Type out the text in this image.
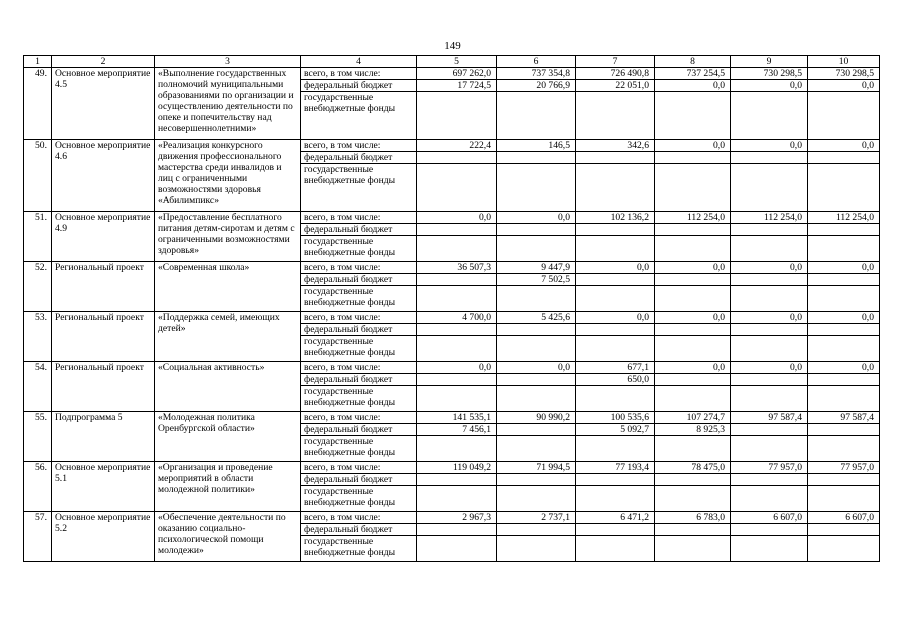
149
1	2	3	4	5	6	7	8	9	10
49.	Основное мероприятие 4.5	«Выполнение государственных полномочий муниципальными образованиями по организации и осуществлению деятельности по опеке и попечительству над несовершеннолетними»	всего, в том числе:	697 262,0	737 354,8	726 490,8	737 254,5	730 298,5	730 298,5
			федеральный бюджет	17 724,5	20 766,9	22 051,0	0,0	0,0	0,0
			государственные внебюджетные фонды						
50.	Основное мероприятие 4.6	«Реализация конкурсного движения профессионального мастерства среди инвалидов и лиц с ограниченными возможностями здоровья «Абилимпикс»	всего, в том числе:	222,4	146,5	342,6	0,0	0,0	0,0
			федеральный бюджет						
			государственные внебюджетные фонды						
51.	Основное мероприятие 4.9	«Предоставление бесплатного питания детям-сиротам и детям с ограниченными возможностями здоровья»	всего, в том числе:	0,0	0,0	102 136,2	112 254,0	112 254,0	112 254,0
			федеральный бюджет						
			государственные внебюджетные фонды						
52.	Региональный проект	«Современная школа»	всего, в том числе:	36 507,3	9 447,9	0,0	0,0	0,0	0,0
			федеральный бюджет		7 502,5				
			государственные внебюджетные фонды						
53.	Региональный проект	«Поддержка семей, имеющих детей»	всего, в том числе:	4 700,0	5 425,6	0,0	0,0	0,0	0,0
			федеральный бюджет						
			государственные внебюджетные фонды						
54.	Региональный проект	«Социальная активность»	всего, в том числе:	0,0	0,0	677,1	0,0	0,0	0,0
			федеральный бюджет			650,0			
			государственные внебюджетные фонды						
55.	Подпрограмма 5	«Молодежная политика Оренбургской области»	всего, в том числе:	141 535,1	90 990,2	100 535,6	107 274,7	97 587,4	97 587,4
			федеральный бюджет	7 456,1		5 092,7	8 925,3		
			государственные внебюджетные фонды						
56.	Основное мероприятие 5.1	«Организация и проведение мероприятий в области молодежной политики»	всего, в том числе:	119 049,2	71 994,5	77 193,4	78 475,0	77 957,0	77 957,0
			федеральный бюджет						
			государственные внебюджетные фонды						
57.	Основное мероприятие 5.2	«Обеспечение деятельности по оказанию социально-психологической помощи молодежи»	всего, в том числе:	2 967,3	2 737,1	6 471,2	6 783,0	6 607,0	6 607,0
			федеральный бюджет						
			государственные внебюджетные фонды						
